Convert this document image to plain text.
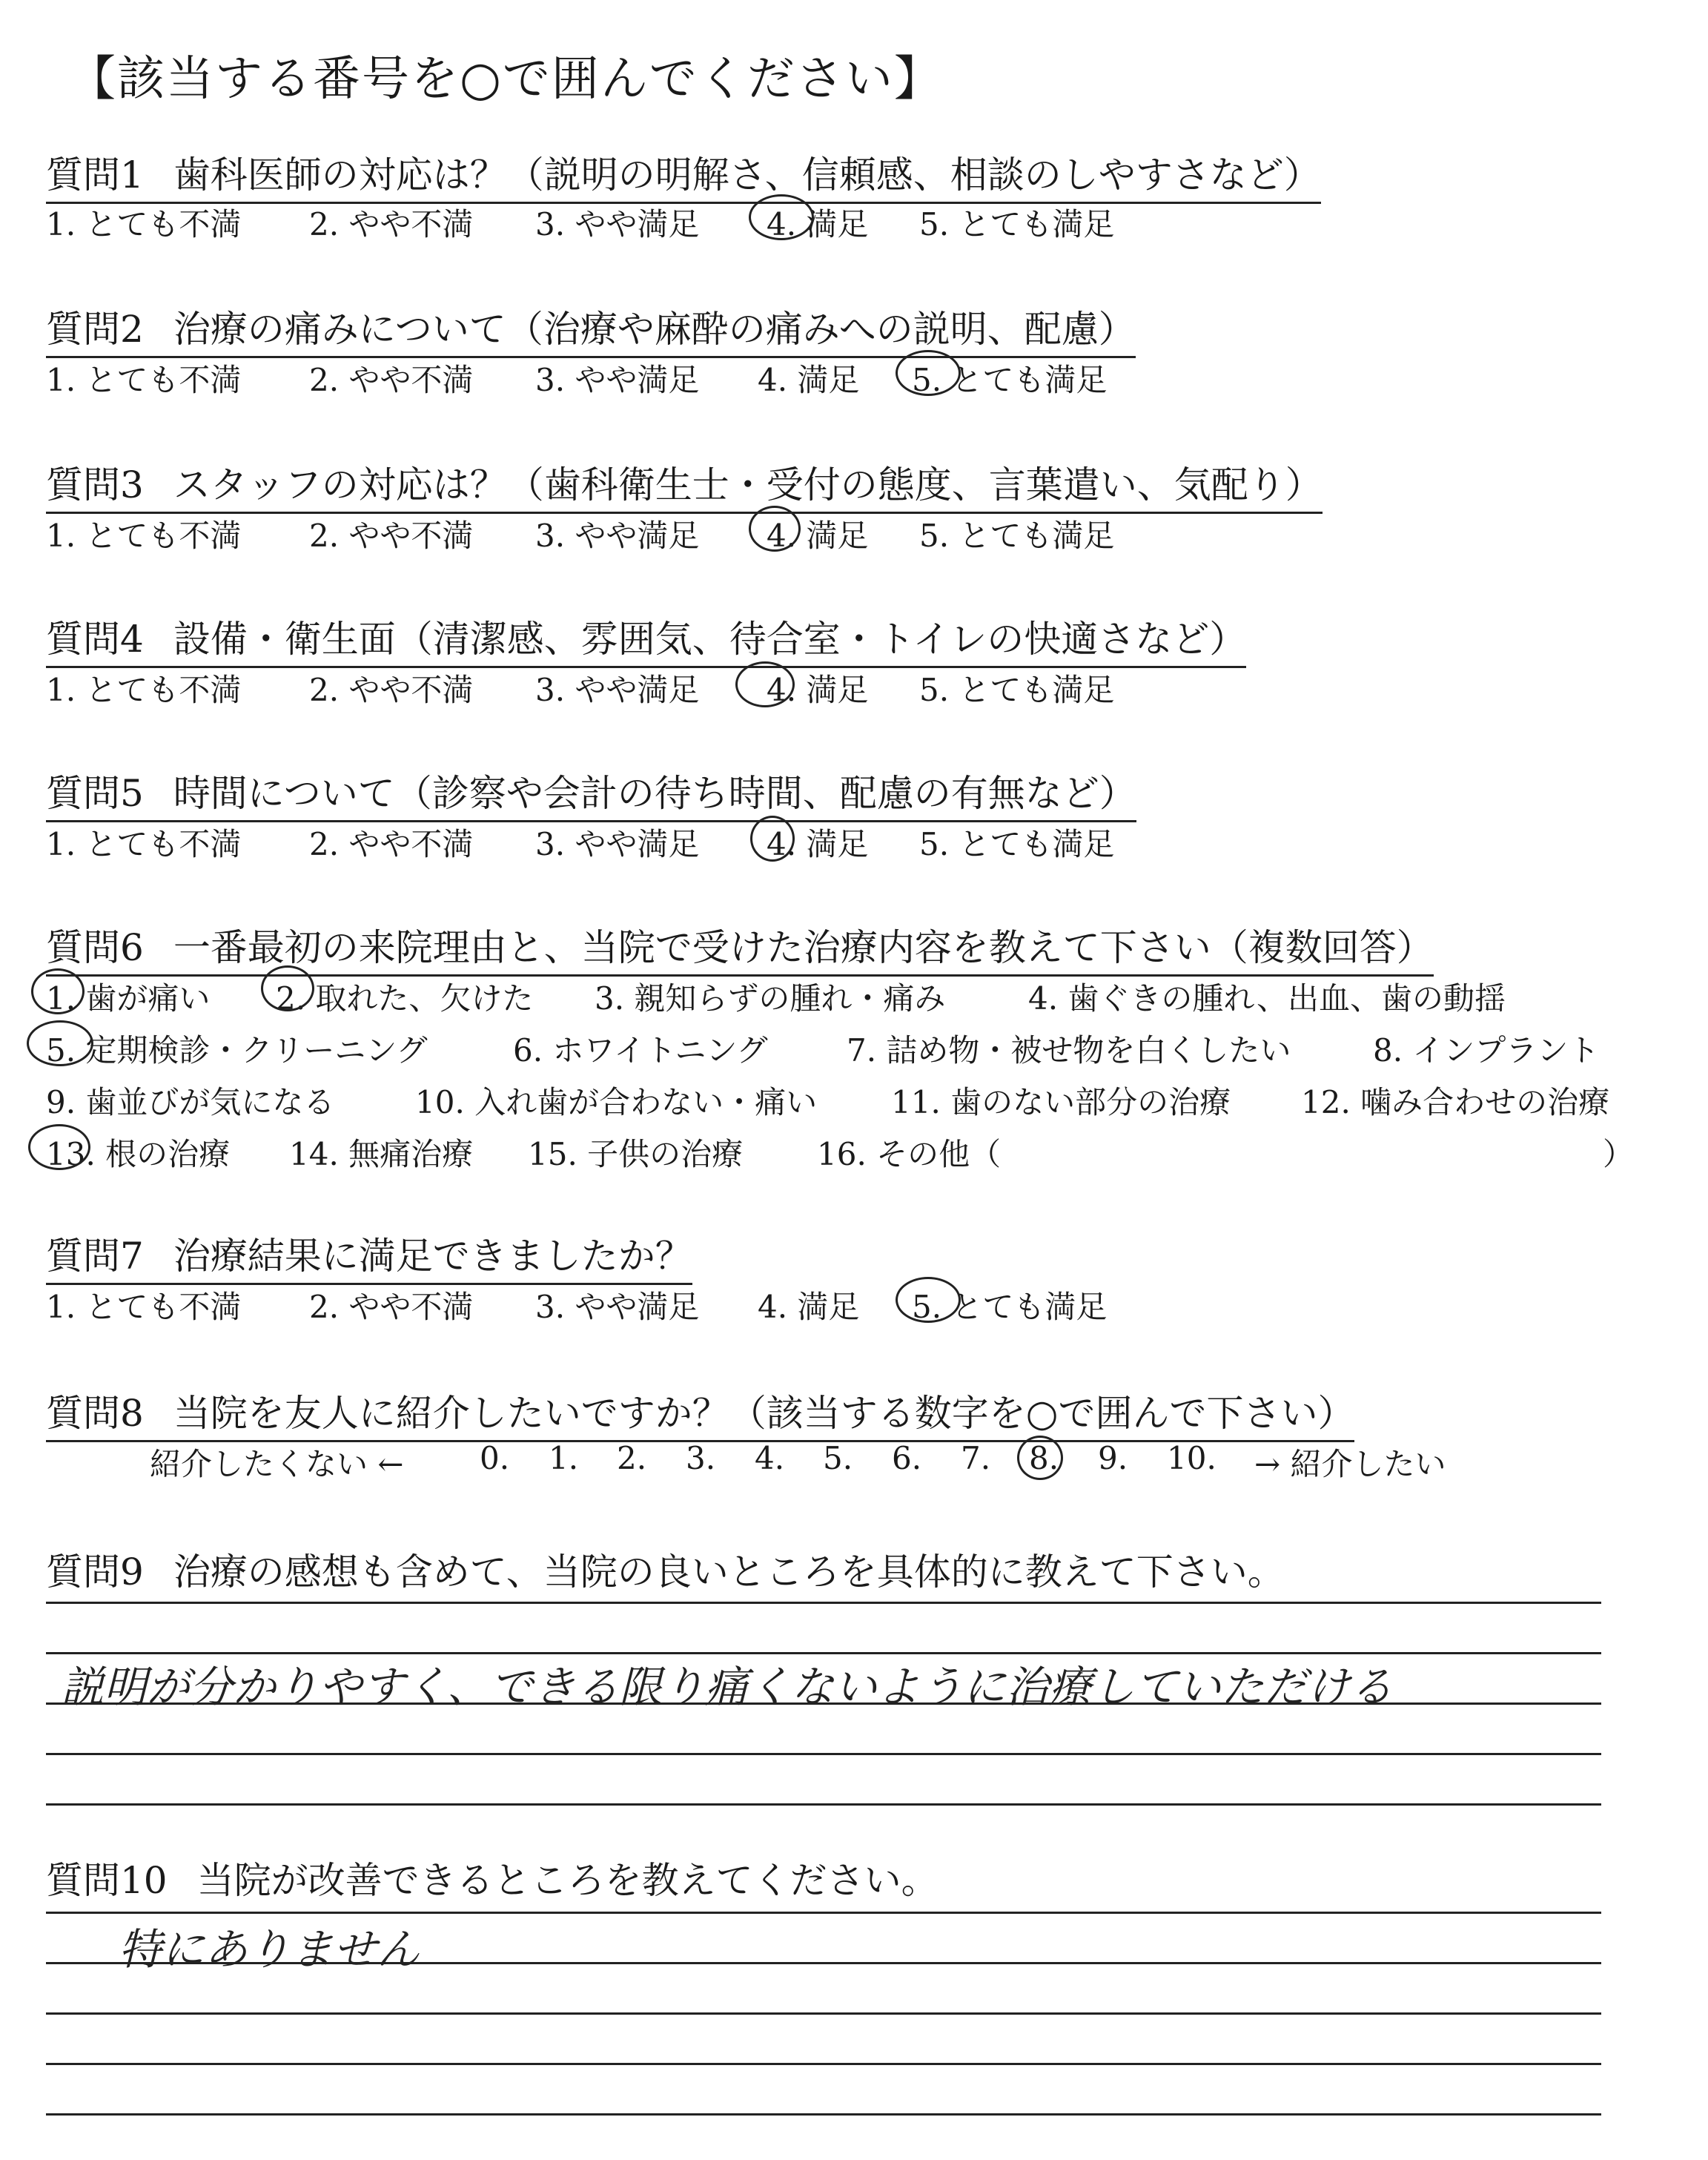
【該当する番号を○で囲んでください】
質問1 歯科医師の対応は？（説明の明解さ、信頼感、相談のしやすさなど）
1. とても不満 2. やや不満 3. やや満足 4. 満足 5. とても満足
質問2 治療の痛みについて（治療や麻酔の痛みへの説明、配慮）
1. とても不満 2. やや不満 3. やや満足 4. 満足 5. とても満足
質問3 スタッフの対応は？（歯科衛生士・受付の態度、言葉遣い、気配り）
1. とても不満 2. やや不満 3. やや満足 4. 満足 5. とても満足
質問4 設備・衛生面（清潔感、雰囲気、待合室・トイレの快適さなど）
1. とても不満 2. やや不満 3. やや満足 4. 満足 5. とても満足
質問5 時間について（診察や会計の待ち時間、配慮の有無など）
1. とても不満 2. やや不満 3. やや満足 4. 満足 5. とても満足
質問6 一番最初の来院理由と、当院で受けた治療内容を教えて下さい（複数回答）
1. 歯が痛い 2. 取れた、欠けた 3. 親知らずの腫れ・痛み	4. 歯ぐきの腫れ、出血、歯の動揺
5. 定期検診・クリーニング	6. ホワイトニング	7. 詰め物・被せ物を白くしたい	8. インプラント
9. 歯並びが気になる	10. 入れ歯が合わない・痛い 11. 歯のない部分の治療 12. 噛み合わせの治療
13. 根の治療 14. 無痛治療 15. 子供の治療 16. その他（	）
質問7 治療結果に満足できましたか？
1. とても不満 2. やや不満 3. やや満足 4. 満足 5. とても満足
質問8 当院を友人に紹介したいですか？（該当する数字を○で囲んで下さい）
紹介したくない ← 0. 1. 2. 3. 4. 5. 6. 7. 8. 9. 10. → 紹介したい
質問9 治療の感想も含めて、当院の良いところを具体的に教えて下さい。
説明が分かりやすく、できる限り痛くないように治療していただける
質問10 当院が改善できるところを教えてください。
特にありません
